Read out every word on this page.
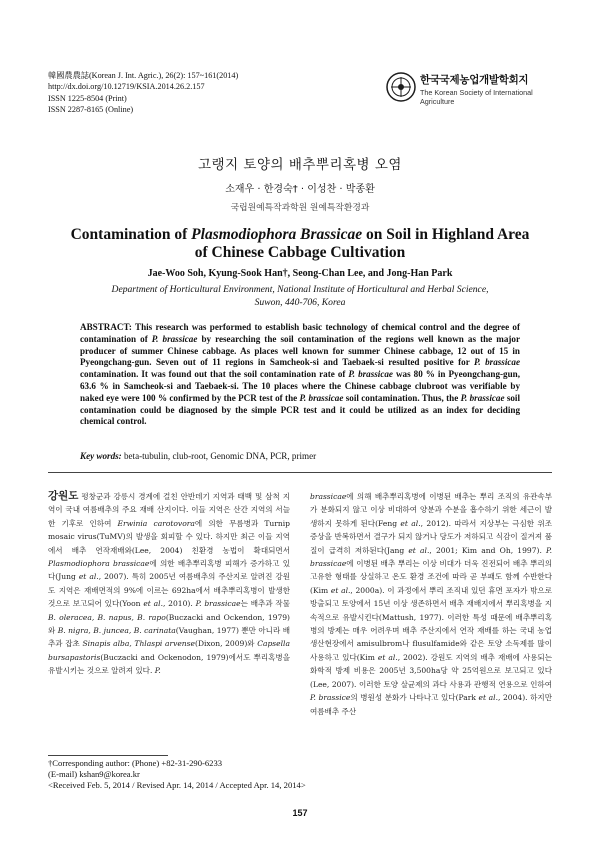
韓國農農誌(Korean J. Int. Agric.), 26(2): 157~161(2014)
http://dx.doi.org/10.12719/KSIA.2014.26.2.157
ISSN 1225-8504 (Print)
ISSN 2287-8165 (Online)
한국국제농업개발학회지
The Korean Society of International Agriculture
고랭지 토양의 배추뿌리혹병 오염
소재우 · 한경숙† · 이성찬 · 박종환
국립원예특작과학원 원예특작환경과
Contamination of Plasmodiophora Brassicae on Soil in Highland Area
of Chinese Cabbage Cultivation
Jae-Woo Soh, Kyung-Sook Han†, Seong-Chan Lee, and Jong-Han Park
Department of Horticultural Environment, National Institute of Horticultural and Herbal Science,
Suwon, 440-706, Korea
ABSTRACT: This research was performed to establish basic technology of chemical control and the degree of contamination of P. brassicae by researching the soil contamination of the regions well known as the major producer of summer Chinese cabbage. As places well known for summer Chinese cabbage, 12 out of 15 in Pyeongchang-gun. Seven out of 11 regions in Samcheok-si and Taebaek-si resulted positive for P. brassicae contamination. It was found out that the soil contamination rate of P. brassicae was 80 % in Pyeongchang-gun, 63.6 % in Samcheok-si and Taebaek-si. The 10 places where the Chinese cabbage clubroot was verifiable by naked eye were 100 % confirmed by the PCR test of the P. brassicae soil contamination. Thus, the P. brassicae soil contamination could be diagnosed by the simple PCR test and it could be utilized as an index for deciding chemical control.
Key words: beta-tubulin, club-root, Genomic DNA, PCR, primer

강원도 평창군과 강릉시 경계에 걸친 안반데기 지역과 태백 및 삼척 지역이 국내 여름배추의 주요 재배 산지이다. 이들 지역은 산간 지역의 서늘한 기후로 인하여 Erwinia carotovora에 의한 무름병과 Turnip mosaic virus(TuMV)의 발생을 회피할 수 있다. 하지만 최근 이들 지역에서 배추 연작재배와(Lee, 2004) 친환경 농법이 확대되면서 Plasmodiophora brassicae에 의한 배추뿌리혹병 피해가 증가하고 있다(Jung et al., 2007). 특히 2005년 여름배추의 주산지로 알려진 강원도 지역은 재배면적의 9%에 이르는 692ha에서 배추뿌리혹병이 발생한 것으로 보고되어 있다(Yoon et al., 2010). P. brassicae는 배추과 작물 B. oleracea, B. napus, B. rapo(Buczacki and Ockendon, 1979)와 B. nigra, B. juncea, B. carinata(Vaughan, 1977) 뿐만 아니라 배추과 잡초 Sinapis alba, Thlaspi arvense(Dixon, 2009)와 Capsella bursapastoris(Buczacki and Ockenodon, 1979)에서도 뿌리혹병을 유발시키는 것으로 알려져 있다. P.

brassicae에 의해 배추뿌리혹병에 이병된 배추는 뿌리 조직의 유관속부가 분화되지 않고 이상 비대하여 양분과 수분을 흡수하기 위한 세근이 발생하지 못하게 된다(Feng et al., 2012). 따라서 지상부는 극심한 위조 증상을 반복하면서 결구가 되지 않거나 당도가 저하되고 식감이 질겨져 품질이 급격히 저하된다(Jang et al., 2001; Kim and Oh, 1997). P. brassicae에 이병된 배추 뿌리는 이상 비대가 더욱 진전되어 배추 뿌리의 고유한 형태를 상실하고 온도 환경 조건에 따라 곧 부패도 함께 수반한다(Kim et al., 2000a). 이 과정에서 뿌리 조직내 있던 휴면 포자가 밖으로 방출되고 토양에서 15년 이상 생존하면서 배추 재배지에서 뿌리혹병을 지속적으로 유발시킨다(Mattush, 1977). 이러한 특성 때문에 배추뿌리혹병의 방제는 매우 어려우며 배추 주산지에서 연작 재배를 하는 국내 농업생산현장에서 amisulbrom나 flusulfamide와 같은 토양 소독제를 많이 사용하고 있다(Kim et al., 2002). 강원도 지역의 배추 재배에 사용되는 화학적 방제 비용은 2005년 3,500ha당 약 25억원으로 보고되고 있다(Lee, 2007). 이러한 토양 살균제의 과다 사용과 관행적 연용으로 인하여 P. brassice의 병원성 분화가 나타나고 있다(Park et al., 2004). 하지만 여름배추 주산

†Corresponding author: (Phone) +82-31-290-6233
(E-mail) kshan9@korea.kr
<Received Feb. 5, 2014 / Revised Apr. 14, 2014 / Accepted Apr. 14, 2014>
157
